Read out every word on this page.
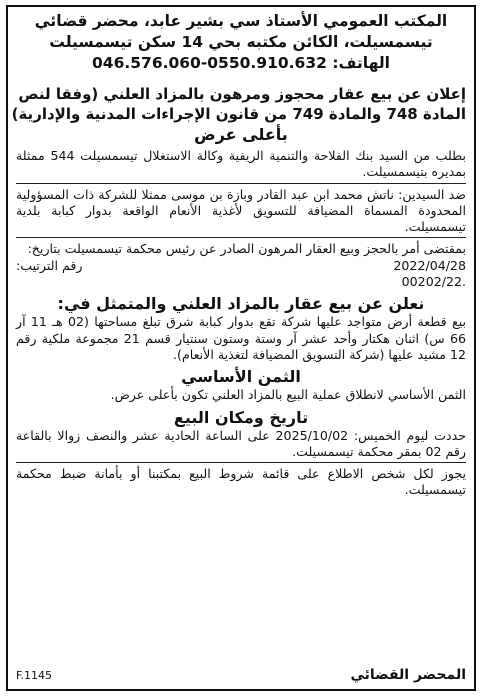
المكتب العمومي الأستاذ سي بشير عابد، محضر قضائي
تيسمسيلت، الكائن مكتبه بحي 14 سكن تيسمسيلت
الهاتف: 046.576.060-0550.910.632
إعلان عن بيع عقار محجوز ومرهون بالمزاد العلني (وفقا لنص
المادة 748 والمادة 749 من قانون الإجراءات المدنية والإدارية)
بأعلى عرض

بطلب من السيد بنك الفلاحة والتنمية الريفية وكالة الاستغلال تيسمسيلت 544 ممثلة بمديره بتيسمسيلت.

ضد السيدين: ناتش محمد ابن عبد القادر وبازة بن موسى ممثلا للشركة ذات المسؤولية المحدودة المسماة المضيافة للتسويق لأغذية الأنعام الواقعة بدوار كبابة بلدية تيسمسيلت.

بمقتضى أمر بالحجز وبيع العقار المرهون الصادر عن رئيس محكمة تيسمسيلت بتاريخ:

2022/04/28
رقم الترتيب:
00202/22.
نعلن عن بيع عقار بالمزاد العلني والمتمثل في:

بيع قطعة أرض متواجد عليها شركة تقع بدوار كبابة شرق تبلغ مساحتها (02 هـ 11 آر 66 س) اثنان هكتار وأحد عشر آر وستة وستون سنتيار قسم 21 مجموعة ملكية رقم 12 مشيد عليها (شركة التسويق المضيافة لتغذية الأنعام).

الثمن الأساسي

الثمن الأساسي لانطلاق عملية البيع بالمزاد العلني تكون بأعلى عرض.

تاريخ ومكان البيع

حددت ليوم الخميس: 2025/10/02 على الساعة الحادية عشر والنصف زوالا بالقاعة رقم 02 بمقر محكمة تيسمسيلت.

يجوز لكل شخص الاطلاع على قائمة شروط البيع بمكتبنا أو بأمانة ضبط محكمة تيسمسيلت.

المحضر القضائي
F.1145
